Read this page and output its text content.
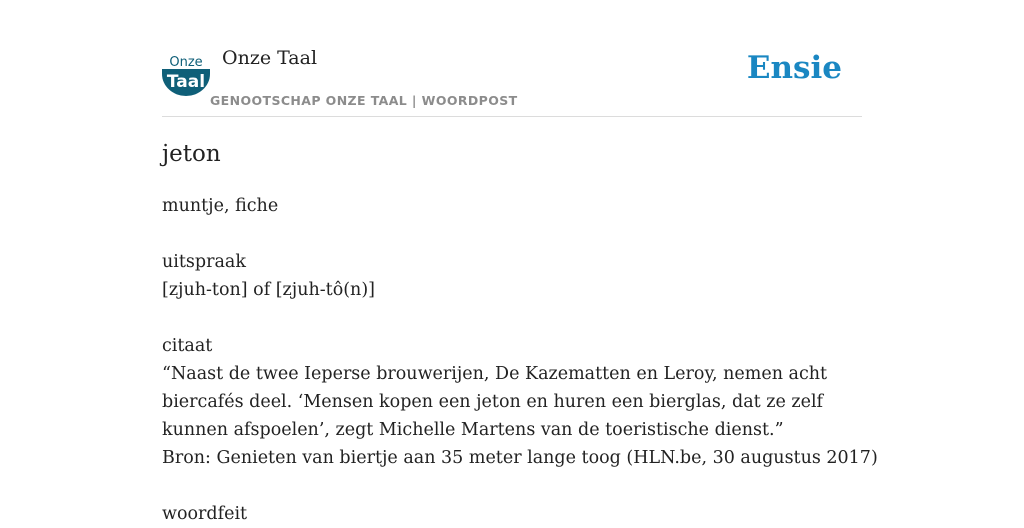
Onze
Taal
Onze Taal
GENOOTSCHAP ONZE TAAL | WOORDPOST
Ensie
jeton
muntje, fiche
uitspraak
[zjuh-ton] of [zjuh-tô(n)]
citaat
“Naast de twee Ieperse brouwerijen, De Kazematten en Leroy, nemen acht
biercafés deel. ‘Mensen kopen een jeton en huren een bierglas, dat ze zelf
kunnen afspoelen’, zegt Michelle Martens van de toeristische dienst.”
Bron: Genieten van biertje aan 35 meter lange toog (HLN.be, 30 augustus 2017)
woordfeit
